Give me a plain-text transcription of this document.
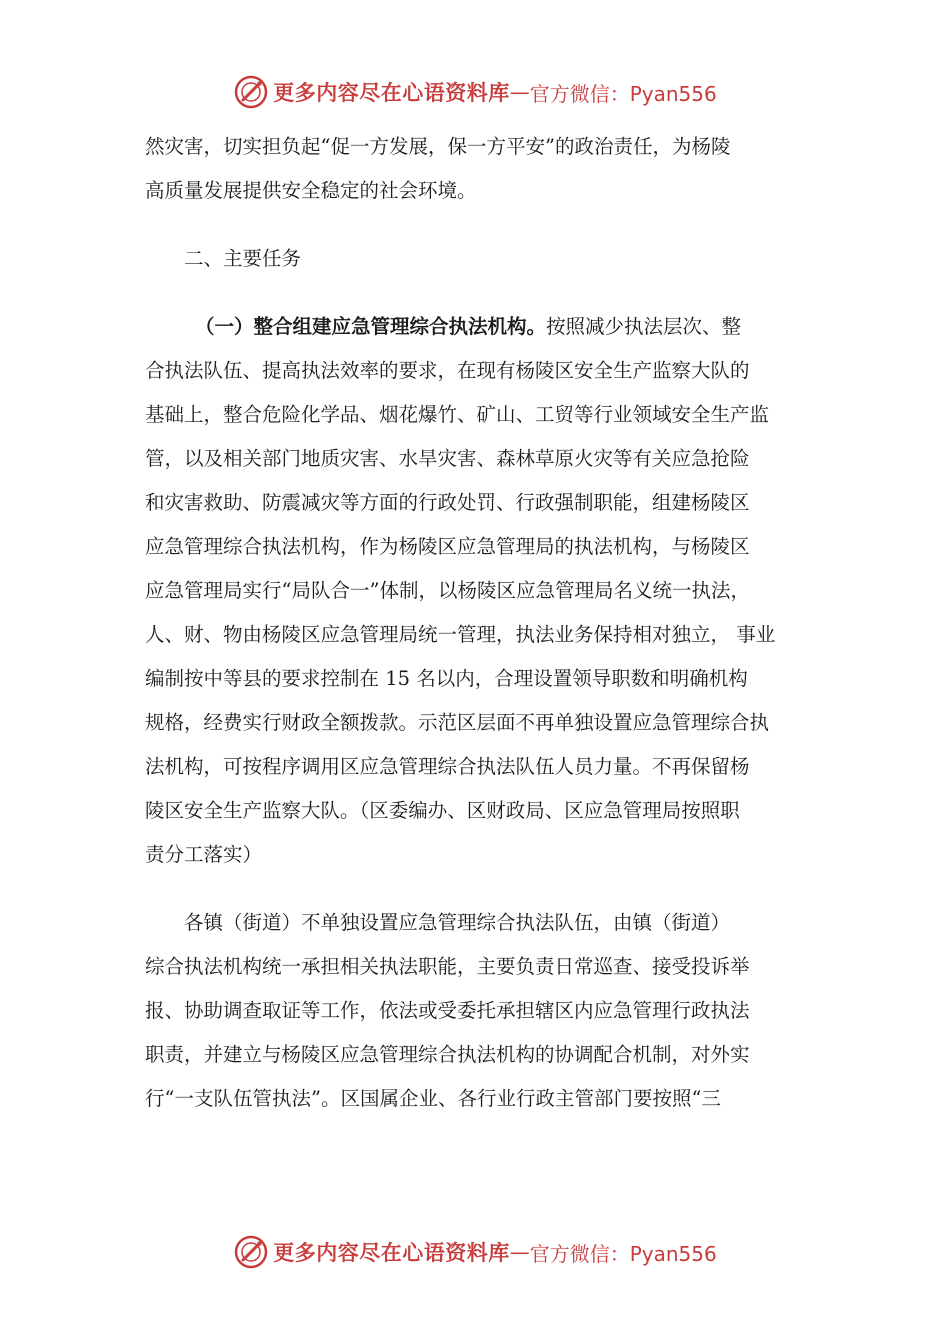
更多内容尽在心语资料库 — 官方微信：Pyan556
然灾害，切实担负起“促一方发展，保一方平安”的政治责任，为杨陵
高质量发展提供安全稳定的社会环境。
二、主要任务
（一）整合组建应急管理综合执法机构。按照减少执法层次、整
合执法队伍、提高执法效率的要求，在现有杨陵区安全生产监察大队的
基础上，整合危险化学品、烟花爆竹、矿山、工贸等行业领域安全生产监
管，以及相关部门地质灾害、水旱灾害、森林草原火灾等有关应急抢险
和灾害救助、防震减灾等方面的行政处罚、行政强制职能，组建杨陵区
应急管理综合执法机构，作为杨陵区应急管理局的执法机构，与杨陵区
应急管理局实行“局队合一”体制，以杨陵区应急管理局名义统一执法，
人、财、物由杨陵区应急管理局统一管理，执法业务保持相对独立， 事业
编制按中等县的要求控制在 15 名以内，合理设置领导职数和明确机构
规格，经费实行财政全额拨款。示范区层面不再单独设置应急管理综合执
法机构，可按程序调用区应急管理综合执法队伍人员力量。不再保留杨
陵区安全生产监察大队。（区委编办、区财政局、区应急管理局按照职
责分工落实）
各镇（街道）不单独设置应急管理综合执法队伍，由镇（街道）
综合执法机构统一承担相关执法职能，主要负责日常巡查、接受投诉举
报、协助调查取证等工作，依法或受委托承担辖区内应急管理行政执法
职责，并建立与杨陵区应急管理综合执法机构的协调配合机制，对外实
行“一支队伍管执法”。区国属企业、各行业行政主管部门要按照“三
更多内容尽在心语资料库 — 官方微信：Pyan556
